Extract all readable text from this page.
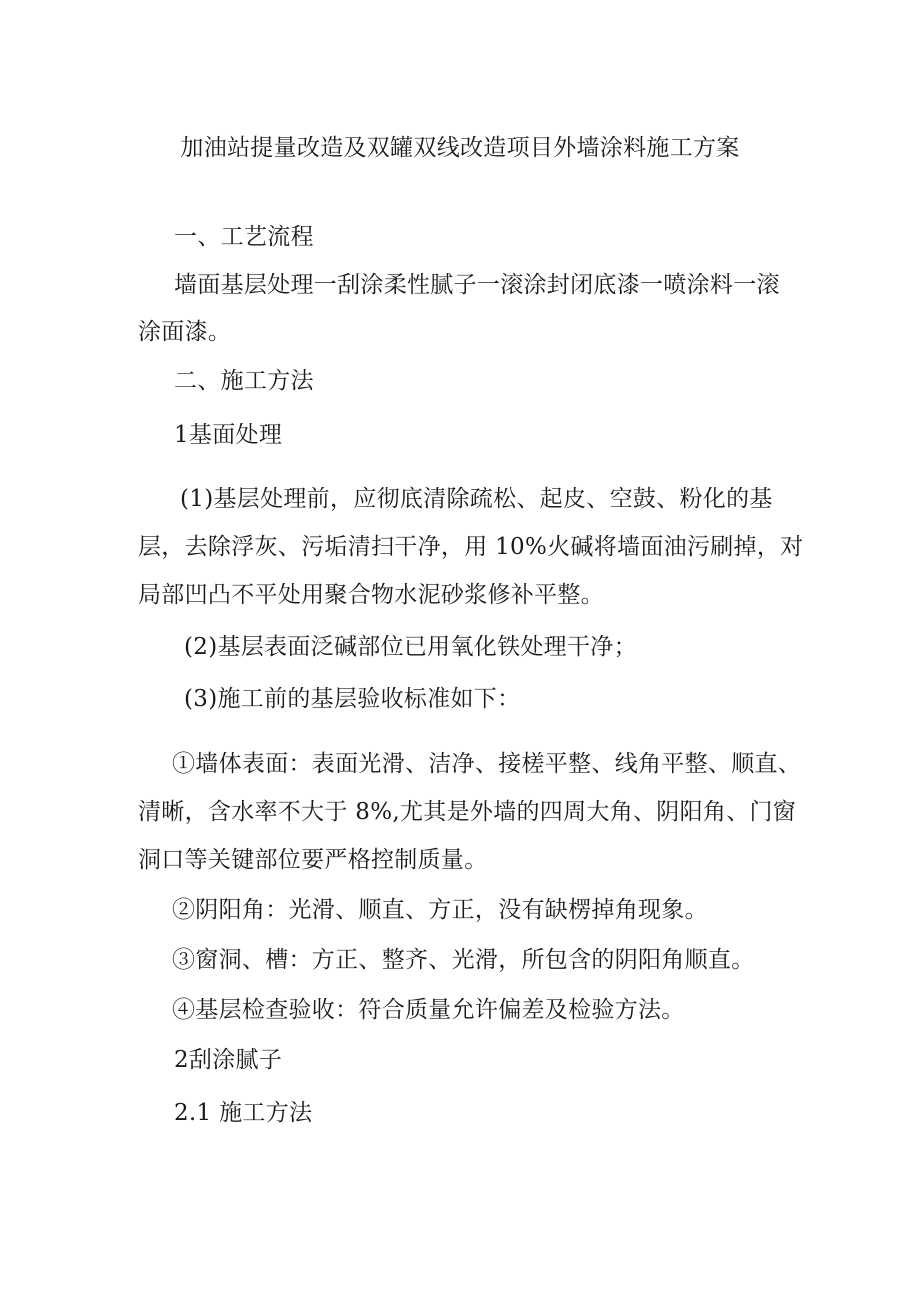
加油站提量改造及双罐双线改造项目外墙涂料施工方案
一、工艺流程
墙面基层处理一刮涂柔性腻子一滚涂封闭底漆一喷涂料一滚
涂面漆。
二、施工方法
1基面处理
(1)基层处理前，应彻底清除疏松、起皮、空鼓、粉化的基
层，去除浮灰、污垢清扫干净，用 10%火碱将墙面油污刷掉，对
局部凹凸不平处用聚合物水泥砂浆修补平整。
(2)基层表面泛碱部位已用氧化铁处理干净；
(3)施工前的基层验收标准如下：
①墙体表面：表面光滑、洁净、接槎平整、线角平整、顺直、
清晰，含水率不大于 8%,尤其是外墙的四周大角、阴阳角、门窗
洞口等关键部位要严格控制质量。
②阴阳角：光滑、顺直、方正，没有缺楞掉角现象。
③窗洞、槽：方正、整齐、光滑，所包含的阴阳角顺直。
④基层检查验收：符合质量允许偏差及检验方法。
2刮涂腻子
2.1 施工方法
